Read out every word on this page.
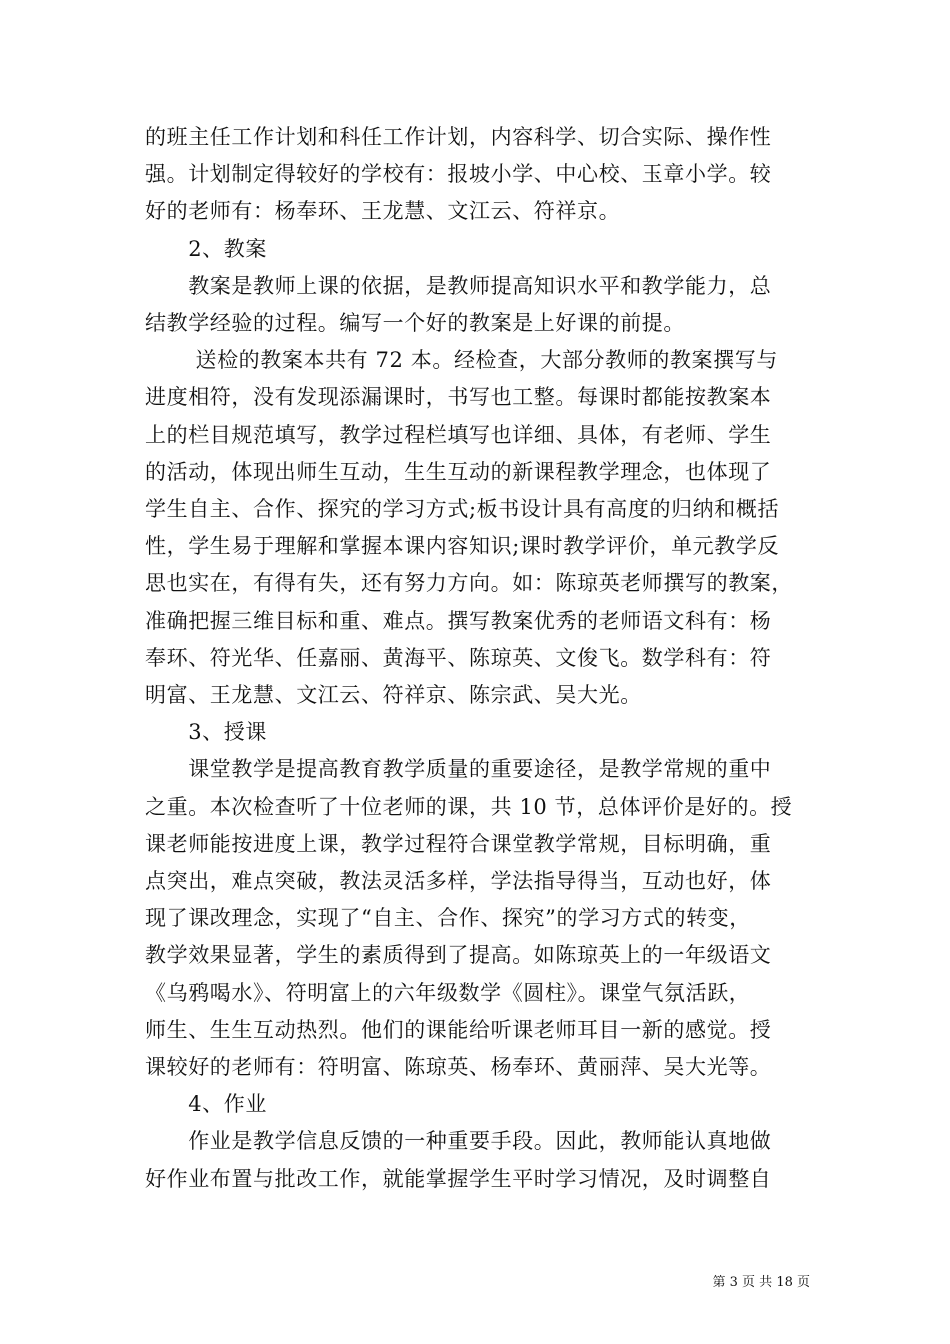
的班主任工作计划和科任工作计划，内容科学、切合实际、操作性
强。计划制定得较好的学校有：报坡小学、中心校、玉章小学。较
好的老师有：杨奉环、王龙慧、文江云、符祥京。
　　2、教案
　　教案是教师上课的依据，是教师提高知识水平和教学能力，总
结教学经验的过程。编写一个好的教案是上好课的前提。
　　 送检的教案本共有 72 本。经检查，大部分教师的教案撰写与
进度相符，没有发现添漏课时，书写也工整。每课时都能按教案本
上的栏目规范填写，教学过程栏填写也详细、具体，有老师、学生
的活动，体现出师生互动，生生互动的新课程教学理念，也体现了
学生自主、合作、探究的学习方式;板书设计具有高度的归纳和概括
性，学生易于理解和掌握本课内容知识;课时教学评价，单元教学反
思也实在，有得有失，还有努力方向。如：陈琼英老师撰写的教案，
准确把握三维目标和重、难点。撰写教案优秀的老师语文科有：杨
奉环、符光华、任嘉丽、黄海平、陈琼英、文俊飞。数学科有：符
明富、王龙慧、文江云、符祥京、陈宗武、吴大光。
　　3、授课
　　课堂教学是提高教育教学质量的重要途径，是教学常规的重中
之重。本次检查听了十位老师的课，共 10 节，总体评价是好的。授
课老师能按进度上课，教学过程符合课堂教学常规，目标明确，重
点突出，难点突破，教法灵活多样，学法指导得当，互动也好，体
现了课改理念，实现了“自主、合作、探究”的学习方式的转变，
教学效果显著，学生的素质得到了提高。如陈琼英上的一年级语文
《乌鸦喝水》、符明富上的六年级数学《圆柱》。课堂气氛活跃，
师生、生生互动热烈。他们的课能给听课老师耳目一新的感觉。授
课较好的老师有：符明富、陈琼英、杨奉环、黄丽萍、吴大光等。
　　4、作业
　　作业是教学信息反馈的一种重要手段。因此，教师能认真地做
好作业布置与批改工作，就能掌握学生平时学习情况，及时调整自
第 3 页 共 18 页
